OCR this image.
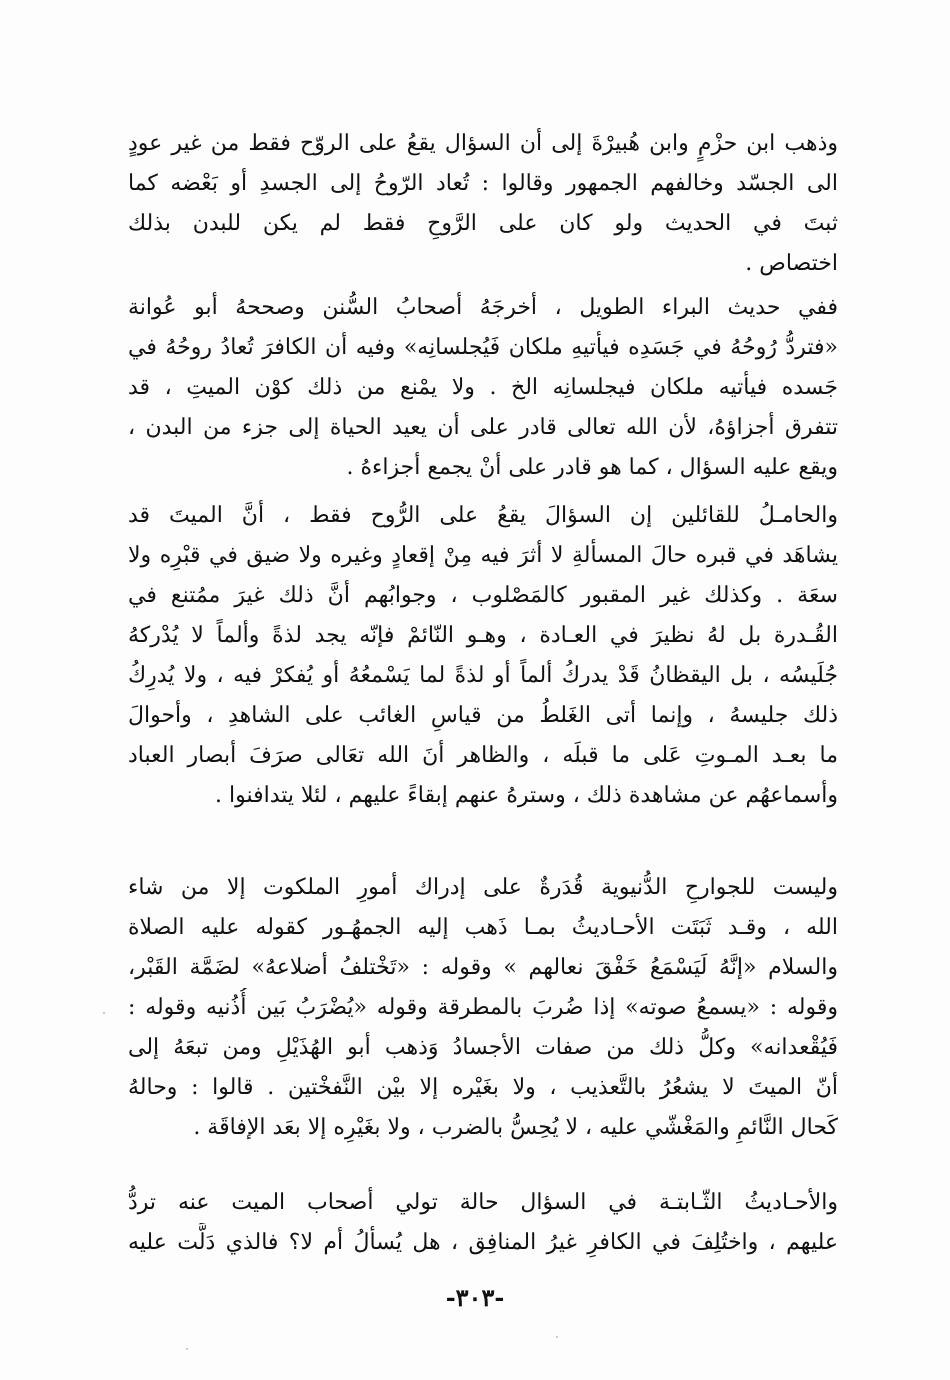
وذهب ابن حزْمٍ وابن هُبيرْةَ إلى أن السؤال يقعُ على الروّح فقط من غير عودٍ
الى الجسّد وخالفهم الجمهور وقالوا : تُعاد الرّوحُ إلى الجسدِ أو بَعْضه كما
ثبتَ في الحديث ولو كان على الرَّوحِ فقط لم يكن للبدن بذلك
اختصاص .
ففي حديث البراء الطويل ، أخرجَهُ أصحابُ السُّنن وصححهُ أبو عُوانة
«فتردُّ رُوحُهُ في جَسَدِه فيأتيهِ ملكان فَيُجلسانِه» وفيه أن الكافرَ تُعادُ روحُهُ في
جَسده فيأتيه ملكان فيجلسانِه الخ . ولا يمْنع من ذلك كوْن الميتِ ، قد
تتفرق أجزاؤهُ، لأن الله تعالى قادر على أن يعيد الحياة إلى جزء من البدن ،
ويقع عليه السؤال ، كما هو قادر على أنْ يجمع أجزاءهُ .
والحامـلُ للقائلين إن السؤالَ يقعُ على الرُّوح فقط ، أنَّ الميتَ قد
يشاهَد في قبره حالَ المسألةِ لا أثرَ فيه مِنْ إقعادٍ وغيره ولا ضيق في قبْرِه ولا
سعَة . وكذلك غير المقبور كالمَصْلوب ، وجوابُهم أنَّ ذلك غيرَ ممُتنع في
القُـدرة بل لهُ نظيرَ في العـادة ، وهـو النّائمْ فإنّه يجد لذةً وألماً لا يُدْركهُ
جُلَيسُه ، بل اليقظانُ قَدْ يدركُ ألماً أو لذةً لما يَسْمعُهُ أو يُفكرْ فيه ، ولا يُدرِكُ
ذلك جليسهُ ، وإنما أتى الغَلطُ من قياسِ الغائب على الشاهدِ ، وأحوالَ
ما بعـد المـوتِ عَلى ما قبلَه ، والظاهر أنَ الله تعَالى صرَفَ أبصار العباد
وأسماعهُم عن مشاهدة ذلك ، وسترهُ عنهم إبقاءً عليهم ، لئلا يتدافنوا .
وليست للجوارحِ الدُّنيوية قُدَرةٌ على إدراك أمورِ الملكوت إلا من شاء
الله ، وقـد ثَبَتَت الأحـاديثُ بمـا ذَهب إليه الجمهُـور كقوله عليه الصلاة
والسلام «إنَّهُ لَيَسْمَعُ خَفْقَ نعالهم » وقوله : «تَخْتلفُ أضلاعهُ» لضَمَّة القَبْر،
وقوله : «يسمعُ صوته» إذا ضُربَ بالمطرقة وقوله «يُضْرَبُ بَين أُذُنيه وقوله :
فَيُقْعدانه» وكلُّ ذلك من صفات الأجسادُ وَذهب أبو الهُذَيْلِ ومن تبعَهُ إلى
أنّ الميتَ لا يشعُرُ بالتَّعذيب ، ولا بغَيْره إلا بيْن النَّفخْتين . قالوا : وحالهُ
كَحال النَّائمِ والمَغْشّي عليه ، لا يُحِسُّ بالضرب ، ولا بغَيْرِه إلا بعَد الإفاقَة .
والأحـاديثُ الثّـابتـة في السؤال حالة تولي أصحاب الميت عنه تردُّ
عليهم ، واختُلِفَ في الكافرِ غيرُ المنافِق ، هل يُسألُ أم لا؟ فالذي دَلَّت عليه
-٣٠٣-
